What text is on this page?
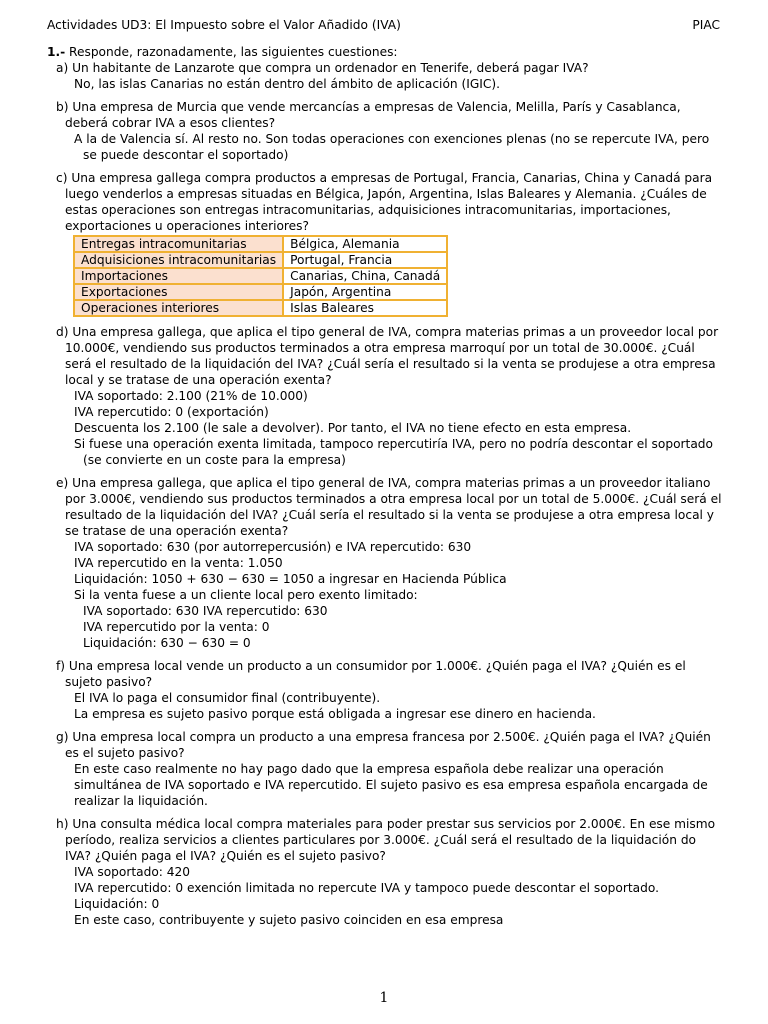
Actividades UD3: El Impuesto sobre el Valor Añadido (IVA)	PIAC
1.- Responde, razonadamente, las siguientes cuestiones:
a) Un habitante de Lanzarote que compra un ordenador en Tenerife, deberá pagar IVA?
No, las islas Canarias no están dentro del ámbito de aplicación (IGIC).
b) Una empresa de Murcia que vende mercancías a empresas de Valencia, Melilla, París y Casablanca, deberá cobrar IVA a esos clientes?
A la de Valencia sí. Al resto no. Son todas operaciones con exenciones plenas (no se repercute IVA, pero se puede descontar el soportado)
c) Una empresa gallega compra productos a empresas de Portugal, Francia, Canarias, China y Canadá para luego venderlos a empresas situadas en Bélgica, Japón, Argentina, Islas Baleares y Alemania. ¿Cuáles de estas operaciones son entregas intracomunitarias, adquisiciones intracomunitarias, importaciones, exportaciones u operaciones interiores?
Entregas intracomunitarias	Bélgica, Alemania
Adquisiciones intracomunitarias	Portugal, Francia
Importaciones	Canarias, China, Canadá
Exportaciones	Japón, Argentina
Operaciones interiores	Islas Baleares
d) Una empresa gallega, que aplica el tipo general de IVA, compra materias primas a un proveedor local por 10.000€, vendiendo sus productos terminados a otra empresa marroquí por un total de 30.000€. ¿Cuál será el resultado de la liquidación del IVA? ¿Cuál sería el resultado si la venta se produjese a otra empresa local y se tratase de una operación exenta?
IVA soportado: 2.100 (21% de 10.000)
IVA repercutido: 0 (exportación)
Descuenta los 2.100 (le sale a devolver). Por tanto, el IVA no tiene efecto en esta empresa.
Si fuese una operación exenta limitada, tampoco repercutiría IVA, pero no podría descontar el soportado (se convierte en un coste para la empresa)
e) Una empresa gallega, que aplica el tipo general de IVA, compra materias primas a un proveedor italiano por 3.000€, vendiendo sus productos terminados a otra empresa local por un total de 5.000€. ¿Cuál será el resultado de la liquidación del IVA? ¿Cuál sería el resultado si la venta se produjese a otra empresa local y se tratase de una operación exenta?
IVA soportado: 630 (por autorrepercusión) e IVA repercutido: 630
IVA repercutido en la venta: 1.050
Liquidación: 1050 + 630 − 630 = 1050 a ingresar en Hacienda Pública
Si la venta fuese a un cliente local pero exento limitado:
IVA soportado: 630 IVA repercutido: 630
IVA repercutido por la venta: 0
Liquidación: 630 − 630 = 0
f) Una empresa local vende un producto a un consumidor por 1.000€. ¿Quién paga el IVA? ¿Quién es el sujeto pasivo?
El IVA lo paga el consumidor final (contribuyente).
La empresa es sujeto pasivo porque está obligada a ingresar ese dinero en hacienda.
g) Una empresa local compra un producto a una empresa francesa por 2.500€. ¿Quién paga el IVA? ¿Quién es el sujeto pasivo?
En este caso realmente no hay pago dado que la empresa española debe realizar una operación simultánea de IVA soportado e IVA repercutido. El sujeto pasivo es esa empresa española encargada de realizar la liquidación.
h) Una consulta médica local compra materiales para poder prestar sus servicios por 2.000€. En ese mismo período, realiza servicios a clientes particulares por 3.000€. ¿Cuál será el resultado de la liquidación do IVA? ¿Quién paga el IVA? ¿Quién es el sujeto pasivo?
IVA soportado: 420
IVA repercutido: 0 exención limitada no repercute IVA y tampoco puede descontar el soportado.
Liquidación: 0
En este caso, contribuyente y sujeto pasivo coinciden en esa empresa
1
